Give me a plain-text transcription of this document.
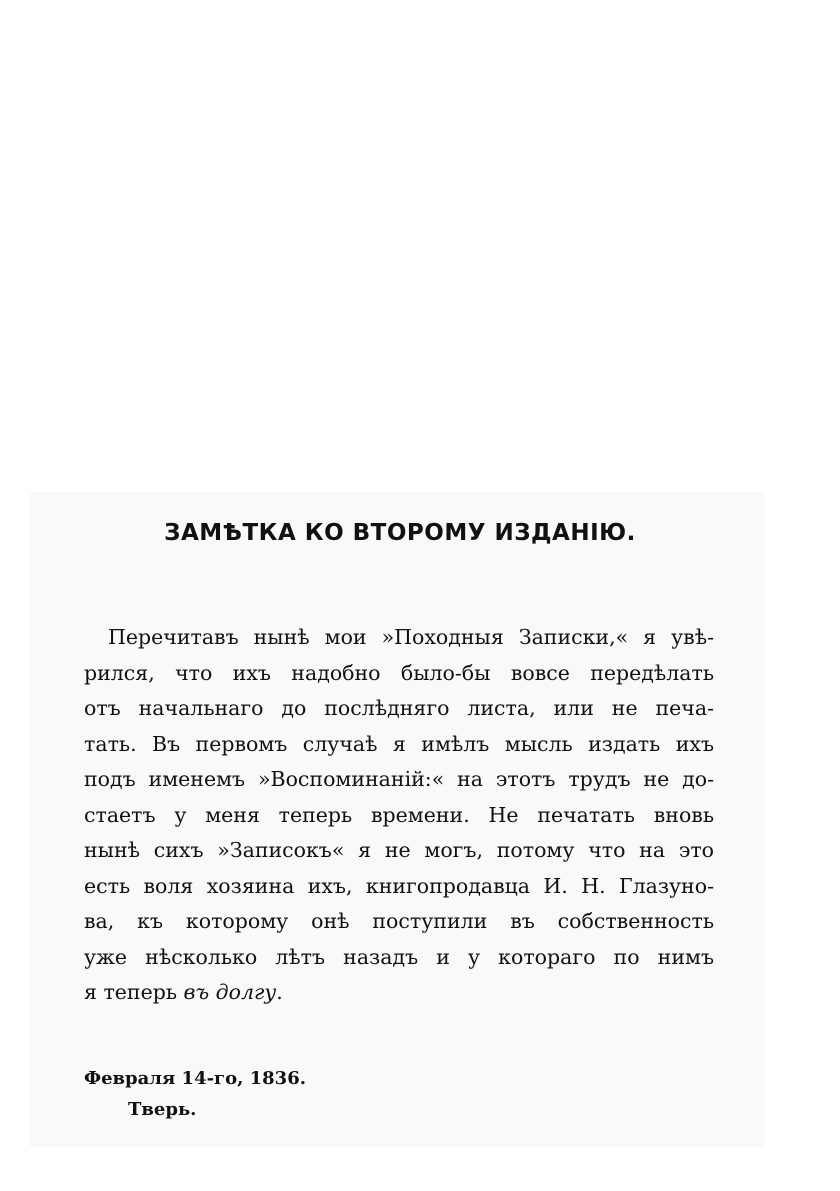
ЗАМѢТКА КО ВТОРОМУ ИЗДАНІЮ.
Перечитавъ нынѣ мои »Походныя Записки,« я увѣ-
рился, что ихъ надобно было-бы вовсе передѣлать
отъ начальнаго до послѣдняго листа, или не печа-
тать. Въ первомъ случаѣ я имѣлъ мысль издать ихъ
подъ именемъ »Воспоминаній:« на этотъ трудъ не до-
стаетъ у меня теперь времени. Не печатать вновь
нынѣ сихъ »Записокъ« я не могъ, потому что на это
есть воля хозяина ихъ, книгопродавца И. Н. Глазуно-
ва, къ которому онѣ поступили въ собственность
уже нѣсколько лѣтъ назадъ и у котораго по нимъ
я теперь въ долгу.
Февраля 14-го, 1836.
Тверь.
